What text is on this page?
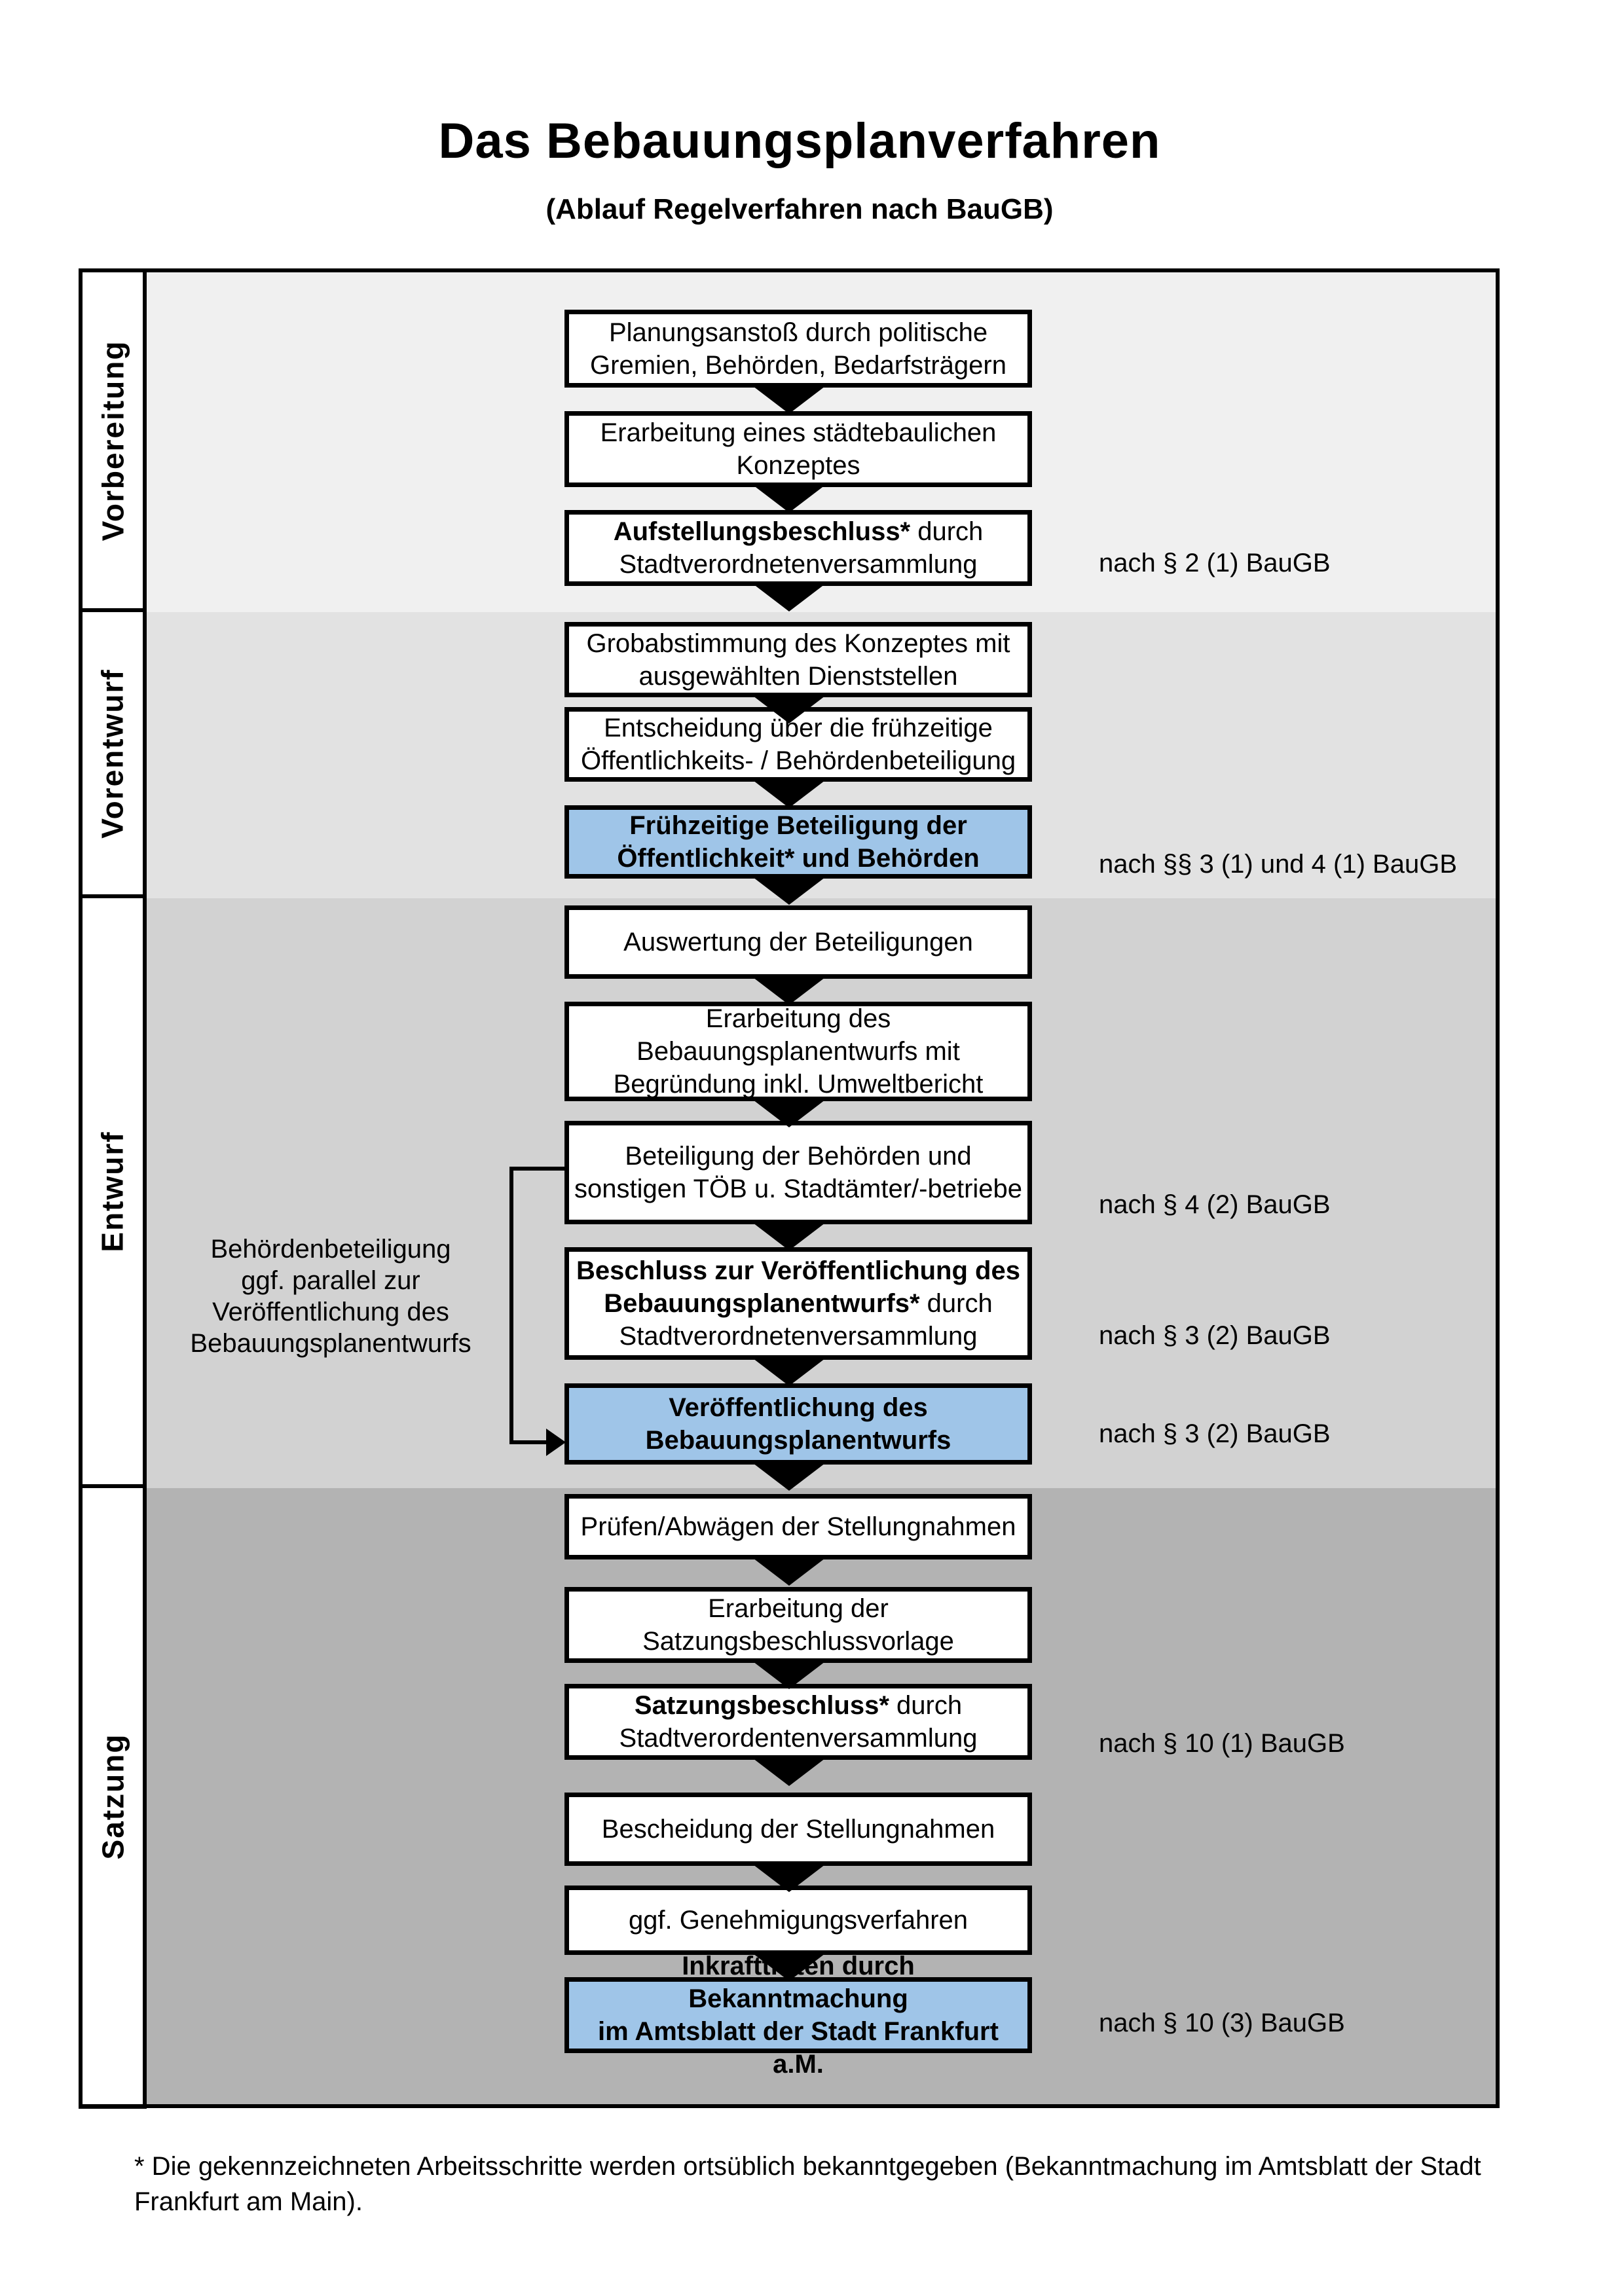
Das Bebauungsplanverfahren
(Ablauf Regelverfahren nach BauGB)
Vorbereitung
Vorentwurf
Entwurf
Satzung
Planungsanstoß durch politische
Gremien, Behörden, Bedarfsträgern
Erarbeitung eines städtebaulichen
Konzeptes
Aufstellungsbeschluss* durch
Stadtverordnetenversammlung
Grobabstimmung des Konzeptes mit
ausgewählten Dienststellen
Entscheidung über die frühzeitige
Öffentlichkeits- / Behördenbeteiligung
Frühzeitige Beteiligung der
Öffentlichkeit* und Behörden
Auswertung der Beteiligungen
Erarbeitung des
Bebauungsplanentwurfs mit
Begründung inkl. Umweltbericht
Beteiligung der Behörden und
sonstigen TÖB u. Stadtämter/-betriebe
Beschluss zur Veröffentlichung des
Bebauungsplanentwurfs* durch
Stadtverordnetenversammlung
Veröffentlichung des
Bebauungsplanentwurfs
Prüfen/Abwägen der Stellungnahmen
Erarbeitung der
Satzungsbeschlussvorlage
Satzungsbeschluss* durch
Stadtverordentenversammlung
Bescheidung der Stellungnahmen
ggf. Genehmigungsverfahren
Inkrafttreten durch Bekanntmachung
im Amtsblatt der Stadt Frankfurt a.M.
nach § 2 (1) BauGB
nach §§ 3 (1) und 4 (1) BauGB
nach § 4 (2) BauGB
nach § 3 (2) BauGB
nach § 3 (2) BauGB
nach § 10 (1) BauGB
nach § 10 (3) BauGB
Behördenbeteiligung
ggf. parallel zur
Veröffentlichung des
Bebauungsplanentwurfs
* Die gekennzeichneten Arbeitsschritte werden ortsüblich bekanntgegeben (Bekanntmachung im Amtsblatt der Stadt Frankfurt am Main).
